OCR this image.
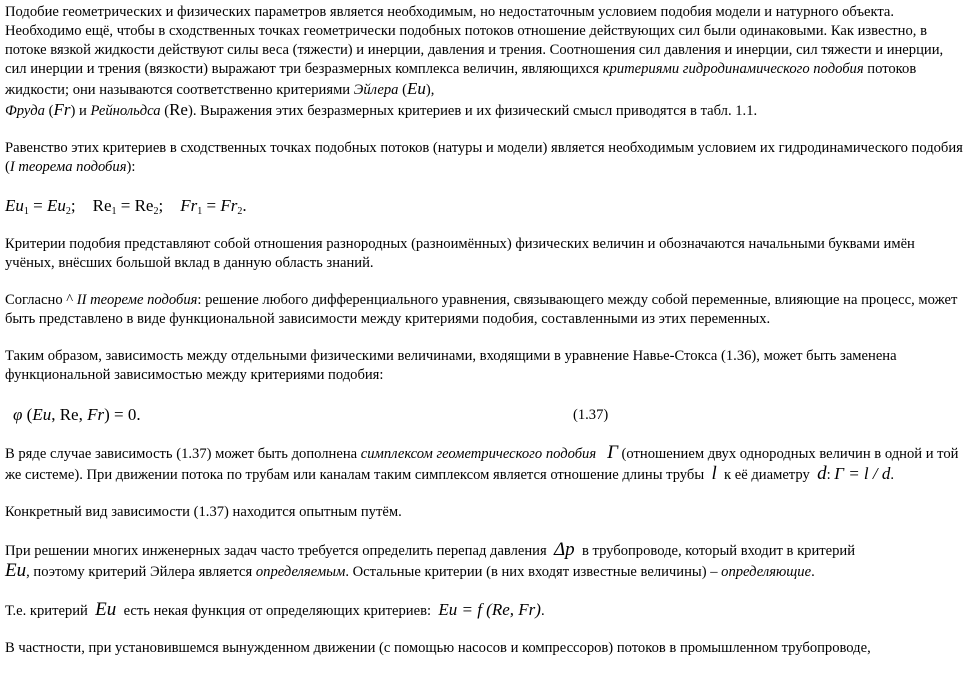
Подобие геометрических и физических параметров является необходимым, но недостаточным условием подобия модели и натурного объекта. Необходимо ещё, чтобы в сходственных точках геометрически подобных потоков отношение действующих сил были одинаковыми. Как известно, в потоке вязкой жидкости действуют силы веса (тяжести) и инерции, давления и трения. Соотношения сил давления и инерции, сил тяжести и инерции, сил инерции и трения (вязкости) выражают три безразмерных комплекса величин, являющихся критериями гидродинамического подобия потоков жидкости; они называются соответственно критериями Эйлера (Eu),
Фруда (Fr) и Рейнольдса (Re). Выражения этих безразмерных критериев и их физический смысл приводятся в табл. 1.1.

Равенство этих критериев в сходственных точках подобных потоков (натуры и модели) является необходимым условием их гидродинамического подобия (I теорема подобия):

$Eu_1 = Eu_2$;    $Re_1 = Re_2$;    $Fr_1 = Fr_2$.

Критерии подобия представляют собой отношения разнородных (разноимённых) физических величин и обозначаются начальными буквами имён учёных, внёсших большой вклад в данную область знаний.

Согласно ^ II теореме подобия: решение любого дифференциального уравнения, связывающего между собой переменные, влияющие на процесс, может быть представлено в виде функциональной зависимости между критериями подобия, составленными из этих переменных.

Таким образом, зависимость между отдельными физическими величинами, входящими в уравнение Навье-Стокса (1.36), может быть заменена функциональной зависимостью между критериями подобия:

φ (Eu, Re, Fr) = 0.	(1.37)

В ряде случае зависимость (1.37) может быть дополнена симплексом геометрического подобия Γ (отношением двух однородных величин в одной и той же системе). При движении потока по трубам или каналам таким симплексом является отношение длины трубы  l  к её диаметру  d: Γ = l / d.

Конкретный вид зависимости (1.37) находится опытным путём.

При решении многих инженерных задач часто требуется определить перепад давления  Δp  в трубопроводе, который входит в критерий
Eu, поэтому критерий Эйлера является определяемым. Остальные критерии (в них входят известные величины) – определяющие.

Т.е. критерий  Eu  есть некая функция от определяющих критериев:  Eu = f (Re, Fr).

В частности, при установившемся вынужденном движении (с помощью насосов и компрессоров) потоков в промышленном трубопроводе,
